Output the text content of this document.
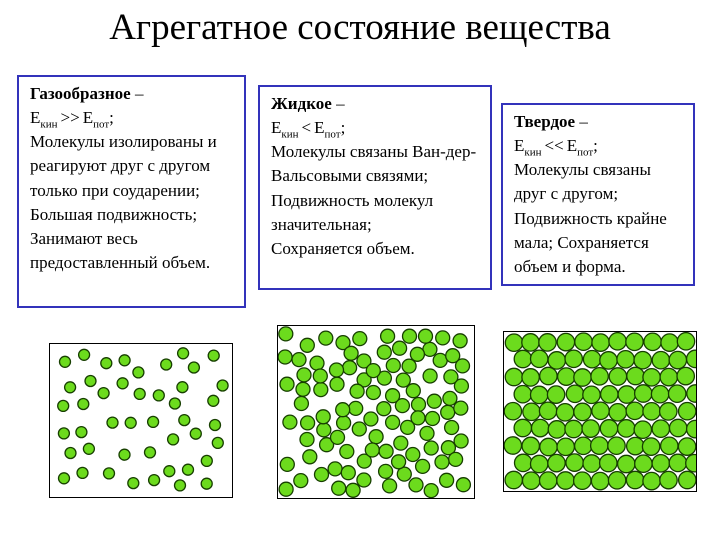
Агрегатное состояние вещества
Газообразное –
$Е_{кин} >> Е_{пот}$;
Молекулы изолированы и реагируют друг с другом только при соударении; Большая подвижность; Занимают весь предоставленный объем.
Жидкое –
$Е_{кин} < Е_{пот}$;
Молекулы связаны Ван-дер-Вальсовыми связями;
Подвижность молекул значительная;
Сохраняется объем.
Твердое –
$Е_{кин} << Е_{пот}$;
Молекулы связаны друг с другом; Подвижность крайне мала; Сохраняется объем и форма.
